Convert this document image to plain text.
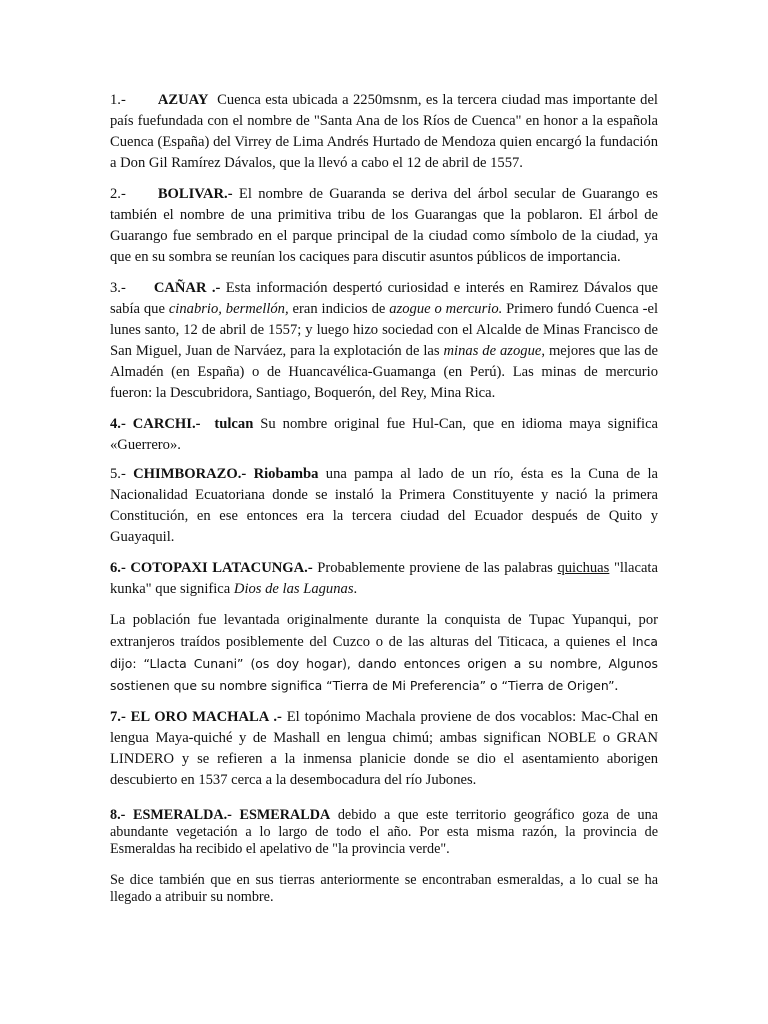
1.- AZUAY Cuenca esta ubicada a 2250msnm, es la tercera ciudad mas importante del país fuefundada con el nombre de "Santa Ana de los Ríos de Cuenca" en honor a la española Cuenca (España) del Virrey de Lima Andrés Hurtado de Mendoza quien encargó la fundación a Don Gil Ramírez Dávalos, que la llevó a cabo el 12 de abril de 1557.

2.- BOLIVAR.- El nombre de Guaranda se deriva del árbol secular de Guarango es también el nombre de una primitiva tribu de los Guarangas que la poblaron. El árbol de Guarango fue sembrado en el parque principal de la ciudad como símbolo de la ciudad, ya que en su sombra se reunían los caciques para discutir asuntos públicos de importancia.

3.- CAÑAR .- Esta información despertó curiosidad e interés en Ramirez Dávalos que sabía que cinabrio, bermellón, eran indicios de azogue o mercurio. Primero fundó Cuenca -el lunes santo, 12 de abril de 1557; y luego hizo sociedad con el Alcalde de Minas Francisco de San Miguel, Juan de Narváez, para la explotación de las minas de azogue, mejores que las de Almadén (en España) o de Huancavélica-Guamanga (en Perú). Las minas de mercurio fueron: la Descubridora, Santiago, Boquerón, del Rey, Mina Rica.

4.- CARCHI.- tulcan Su nombre original fue Hul-Can, que en idioma maya significa «Guerrero».

5.- CHIMBORAZO.- Riobamba una pampa al lado de un río, ésta es la Cuna de la Nacionalidad Ecuatoriana donde se instaló la Primera Constituyente y nació la primera Constitución, en ese entonces era la tercera ciudad del Ecuador después de Quito y Guayaquil.

6.- COTOPAXI LATACUNGA.- Probablemente proviene de las palabras quichuas "llacata kunka" que significa Dios de las Lagunas.

La población fue levantada originalmente durante la conquista de Tupac Yupanqui, por extranjeros traídos posiblemente del Cuzco o de las alturas del Titicaca, a quienes el Inca dijo: “Llacta Cunani” (os doy hogar), dando entonces origen a su nombre, Algunos sostienen que su nombre significa “Tierra de Mi Preferencia” o “Tierra de Origen”.

7.- EL ORO MACHALA .- El topónimo Machala proviene de dos vocablos: Mac-Chal en lengua Maya-quiché y de Mashall en lengua chimú; ambas significan NOBLE o GRAN LINDERO y se refieren a la inmensa planicie donde se dio el asentamiento aborigen descubierto en 1537 cerca a la desembocadura del río Jubones.

8.- ESMERALDA.- ESMERALDA debido a que este territorio geográfico goza de una abundante vegetación a lo largo de todo el año. Por esta misma razón, la provincia de Esmeraldas ha recibido el apelativo de "la provincia verde".

Se dice también que en sus tierras anteriormente se encontraban esmeraldas, a lo cual se ha llegado a atribuir su nombre.
